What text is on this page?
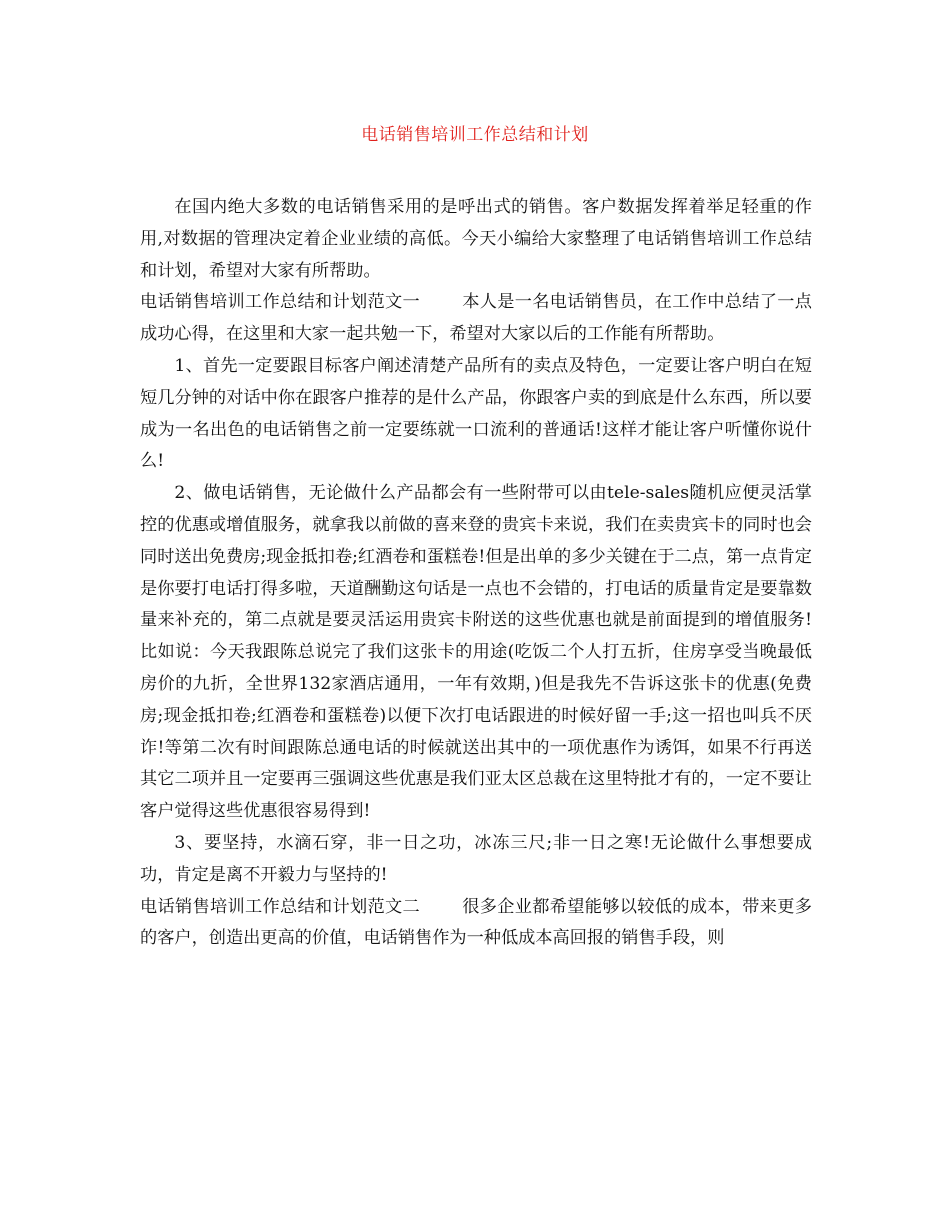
电话销售培训工作总结和计划

在国内绝大多数的电话销售采用的是呼出式的销售。客户数据发挥着举足轻重的作用,对数据的管理决定着企业业绩的高低。今天小编给大家整理了电话销售培训工作总结和计划，希望对大家有所帮助。

电话销售培训工作总结和计划范文一 本人是一名电话销售员，在工作中总结了一点成功心得，在这里和大家一起共勉一下，希望对大家以后的工作能有所帮助。

1、首先一定要跟目标客户阐述清楚产品所有的卖点及特色，一定要让客户明白在短短几分钟的对话中你在跟客户推荐的是什么产品，你跟客户卖的到底是什么东西，所以要成为一名出色的电话销售之前一定要练就一口流利的普通话!这样才能让客户听懂你说什么!

2、做电话销售，无论做什么产品都会有一些附带可以由tele-sales随机应便灵活掌控的优惠或增值服务，就拿我以前做的喜来登的贵宾卡来说，我们在卖贵宾卡的同时也会同时送出免费房;现金抵扣卷;红酒卷和蛋糕卷!但是出单的多少关键在于二点，第一点肯定是你要打电话打得多啦，天道酬勤这句话是一点也不会错的，打电话的质量肯定是要靠数量来补充的，第二点就是要灵活运用贵宾卡附送的这些优惠也就是前面提到的增值服务!比如说：今天我跟陈总说完了我们这张卡的用途(吃饭二个人打五折，住房享受当晚最低房价的九折，全世界132家酒店通用，一年有效期，)但是我先不告诉这张卡的优惠(免费房;现金抵扣卷;红酒卷和蛋糕卷)以便下次打电话跟进的时候好留一手;这一招也叫兵不厌诈!等第二次有时间跟陈总通电话的时候就送出其中的一项优惠作为诱饵，如果不行再送其它二项并且一定要再三强调这些优惠是我们亚太区总裁在这里特批才有的，一定不要让客户觉得这些优惠很容易得到!

3、要坚持，水滴石穿，非一日之功，冰冻三尺;非一日之寒!无论做什么事想要成功，肯定是离不开毅力与坚持的!

电话销售培训工作总结和计划范文二 很多企业都希望能够以较低的成本，带来更多的客户，创造出更高的价值，电话销售作为一种低成本高回报的销售手段，则
